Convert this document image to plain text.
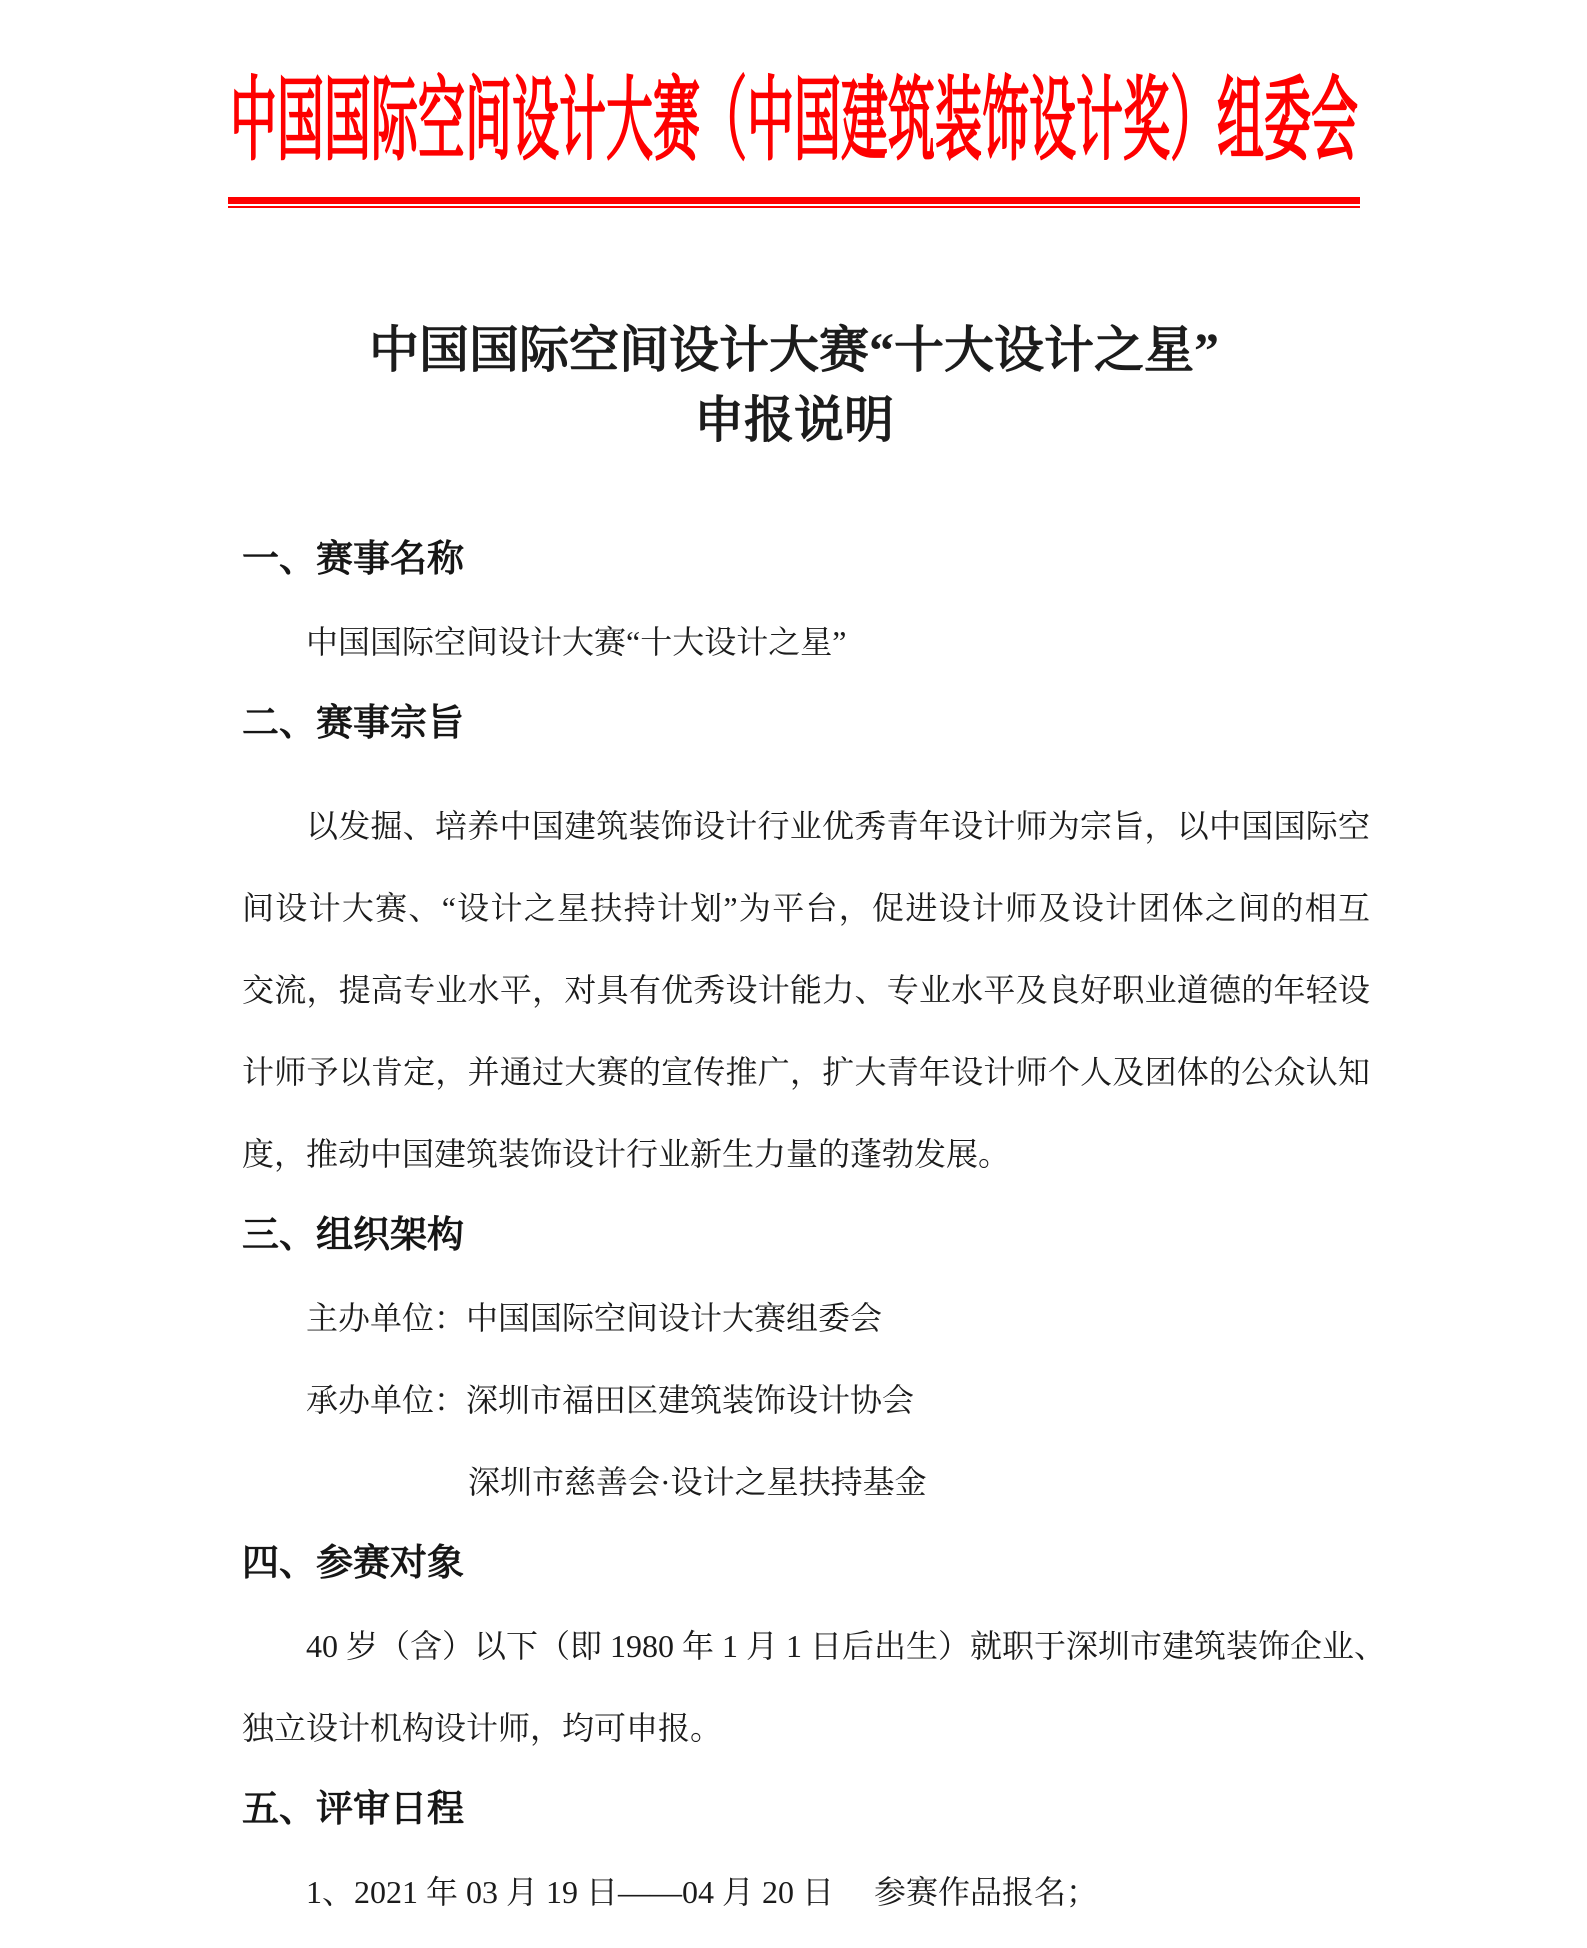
中国国际空间设计大赛（中国建筑装饰设计奖）组委会
中国国际空间设计大赛“十大设计之星”
申报说明
一、赛事名称
中国国际空间设计大赛“十大设计之星”
二、赛事宗旨
以发掘、培养中国建筑装饰设计行业优秀青年设计师为宗旨，以中国国际空
间设计大赛、“设计之星扶持计划”为平台，促进设计师及设计团体之间的相互
交流，提高专业水平，对具有优秀设计能力、专业水平及良好职业道德的年轻设
计师予以肯定，并通过大赛的宣传推广，扩大青年设计师个人及团体的公众认知
度，推动中国建筑装饰设计行业新生力量的蓬勃发展。
三、组织架构
主办单位：中国国际空间设计大赛组委会
承办单位：深圳市福田区建筑装饰设计协会
深圳市慈善会·设计之星扶持基金
四、参赛对象
40 岁（含）以下（即 1980 年 1 月 1 日后出生）就职于深圳市建筑装饰企业、
独立设计机构设计师，均可申报。
五、评审日程
1、2021 年 03 月 19 日——04 月 20 日　 参赛作品报名；
